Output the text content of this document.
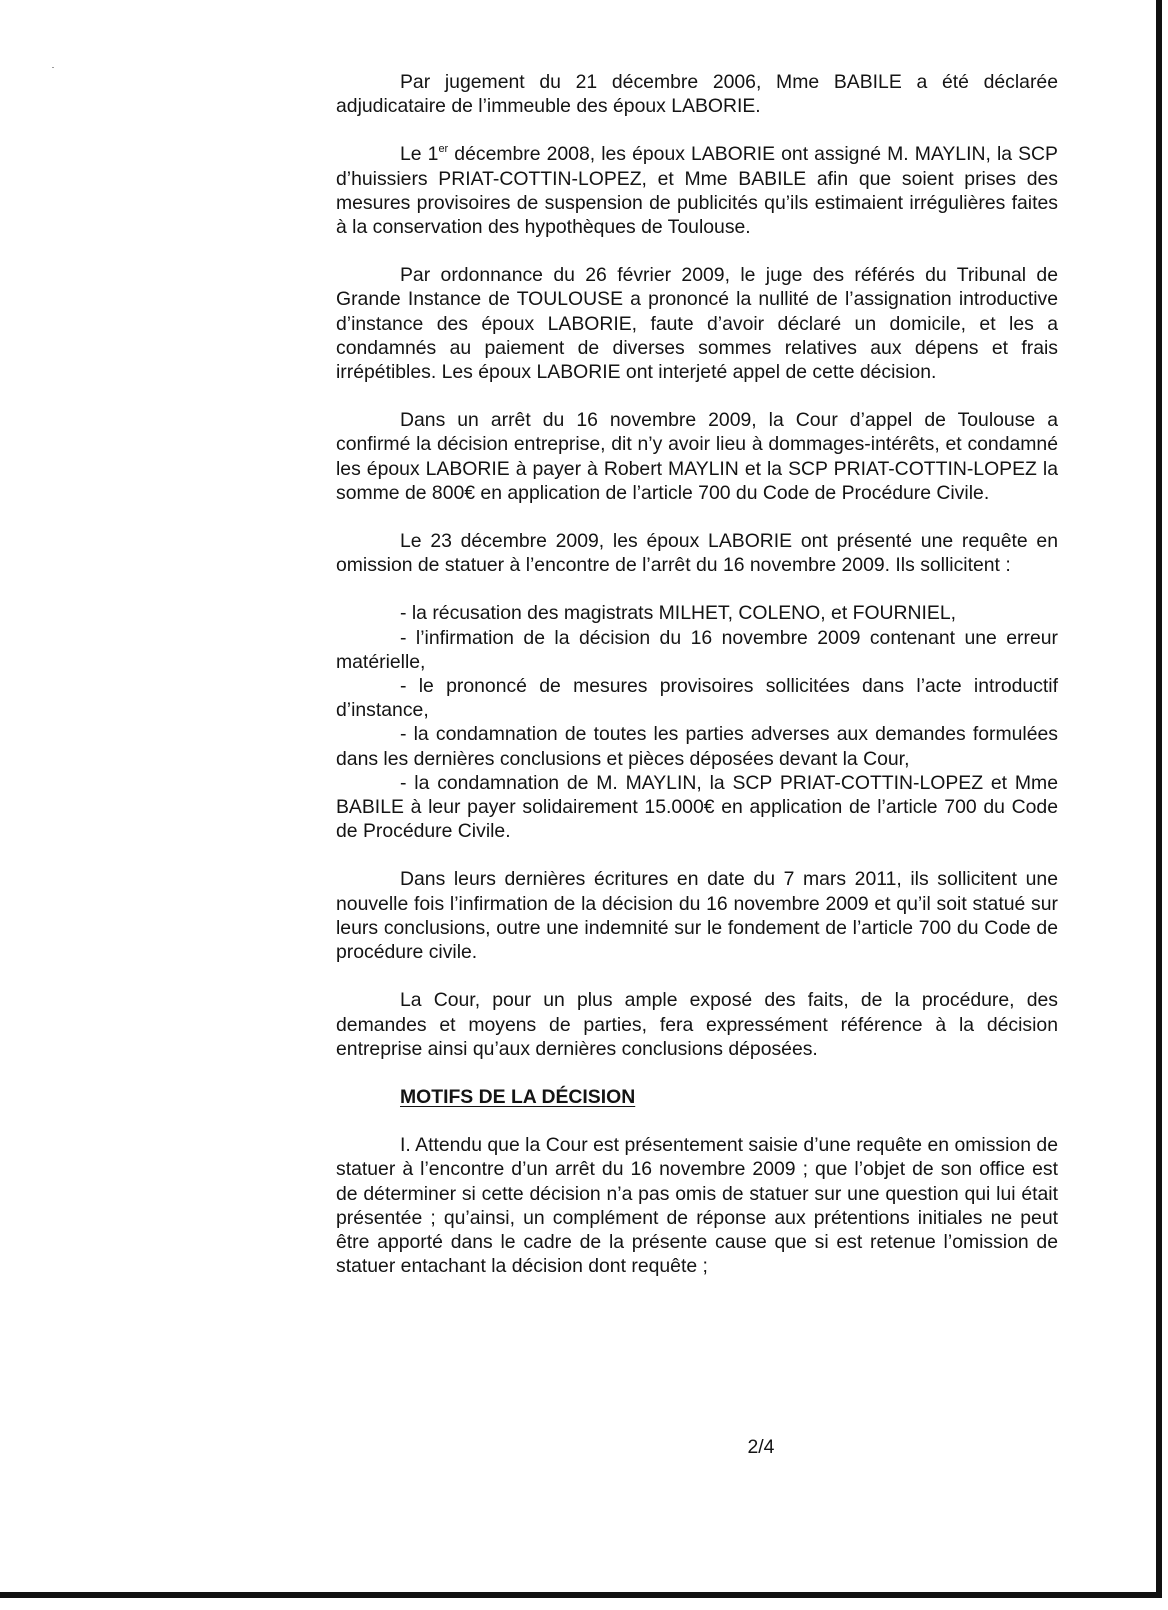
Par jugement du 21 décembre 2006, Mme BABILE a été déclarée adjudicataire de l’immeuble des époux LABORIE.

Le 1er décembre 2008, les époux LABORIE ont assigné M. MAYLIN, la SCP d’huissiers PRIAT-COTTIN-LOPEZ, et Mme BABILE afin que soient prises des mesures provisoires de suspension de publicités qu’ils estimaient irrégulières faites à la conservation des hypothèques de Toulouse.

Par ordonnance du 26 février 2009, le juge des référés du Tribunal de Grande Instance de TOULOUSE a prononcé la nullité de l’assignation introductive d’instance des époux LABORIE, faute d’avoir déclaré un domicile, et les a condamnés au paiement de diverses sommes relatives aux dépens et frais irrépétibles. Les époux LABORIE ont interjeté appel de cette décision.

Dans un arrêt du 16 novembre 2009, la Cour d’appel de Toulouse a confirmé la décision entreprise, dit n’y avoir lieu à dommages-intérêts, et condamné les époux LABORIE à payer à Robert MAYLIN et la SCP PRIAT-COTTIN-LOPEZ la somme de 800€ en application de l’article 700 du Code de Procédure Civile.

Le 23 décembre 2009, les époux LABORIE ont présenté une requête en omission de statuer à l’encontre de l’arrêt du 16 novembre 2009. Ils sollicitent :

- la récusation des magistrats MILHET, COLENO, et FOURNIEL,

- l’infirmation de la décision du 16 novembre 2009 contenant une erreur matérielle,

- le prononcé de mesures provisoires sollicitées dans l’acte introductif d’instance,

- la condamnation de toutes les parties adverses aux demandes formulées dans les dernières conclusions et pièces déposées devant la Cour,

- la condamnation de M. MAYLIN, la SCP PRIAT-COTTIN-LOPEZ et Mme BABILE à leur payer solidairement 15.000€ en application de l’article 700 du Code de Procédure Civile.

Dans leurs dernières écritures en date du 7 mars 2011, ils sollicitent une nouvelle fois l’infirmation de la décision du 16 novembre 2009 et qu’il soit statué sur leurs conclusions, outre une indemnité sur le fondement de l’article 700 du Code de procédure civile.

La Cour, pour un plus ample exposé des faits, de la procédure, des demandes et moyens de parties, fera expressément référence à la décision entreprise ainsi qu’aux dernières conclusions déposées.

MOTIFS DE LA DÉCISION

I. Attendu que la Cour est présentement saisie d’une requête en omission de statuer à l’encontre d’un arrêt du 16 novembre 2009 ; que l’objet de son office est de déterminer si cette décision n’a pas omis de statuer sur une question qui lui était présentée ; qu’ainsi, un complément de réponse aux prétentions initiales ne peut être apporté dans le cadre de la présente cause que si est retenue l’omission de statuer entachant la décision dont requête ;

2/4
